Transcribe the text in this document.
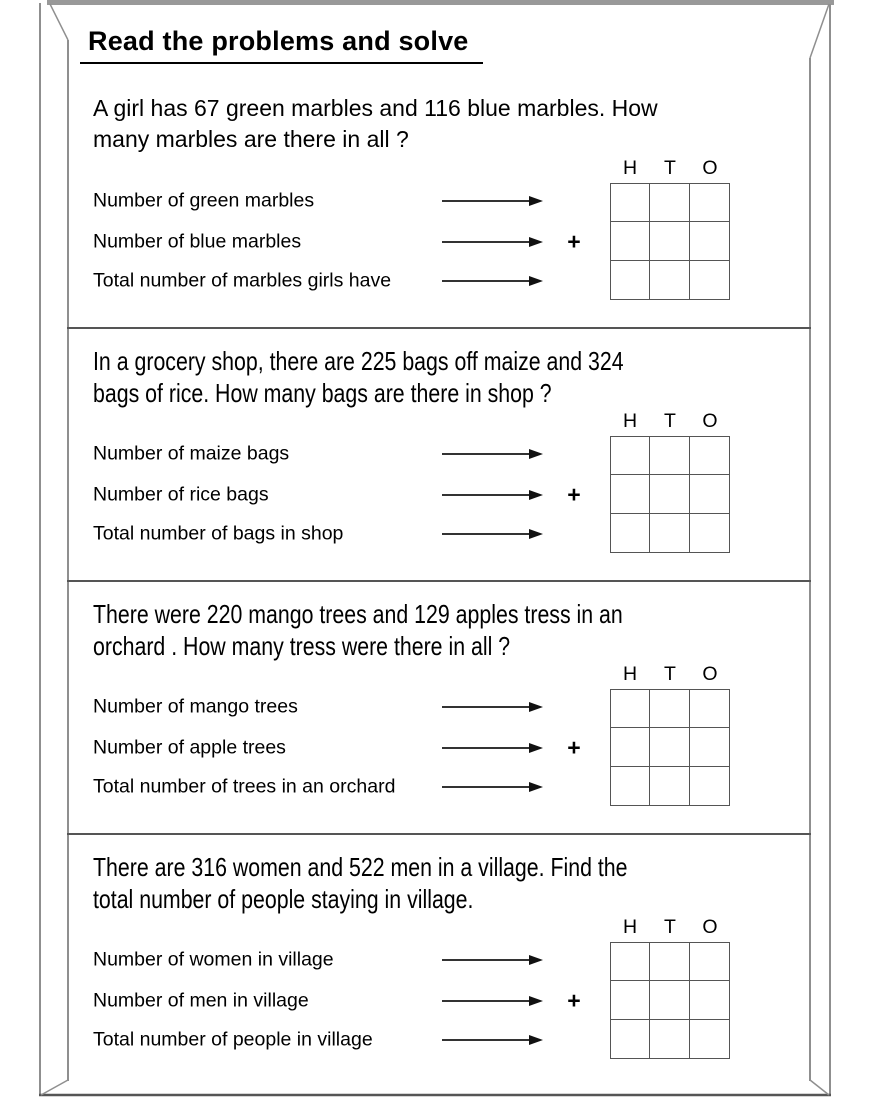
Read the problems and solve
A girl has 67 green marbles and 116 blue marbles. How
many marbles are there in all ?
H	T	O
Number of green marbles
Number of blue marbles	+
Total number of marbles girls have
In a grocery shop, there are 225 bags off maize and 324
bags of rice. How many bags are there in shop ?
H	T	O
Number of maize bags
Number of rice bags	+
Total number of bags in shop
There were 220 mango trees and 129 apples tress in an
orchard . How many tress were there in all ?
H	T	O
Number of mango trees
Number of apple trees	+
Total number of trees in an orchard
There are 316 women and 522 men in a village. Find the
total number of people staying in village.
H	T	O
Number of women in village
Number of men in village	+
Total number of people in village
